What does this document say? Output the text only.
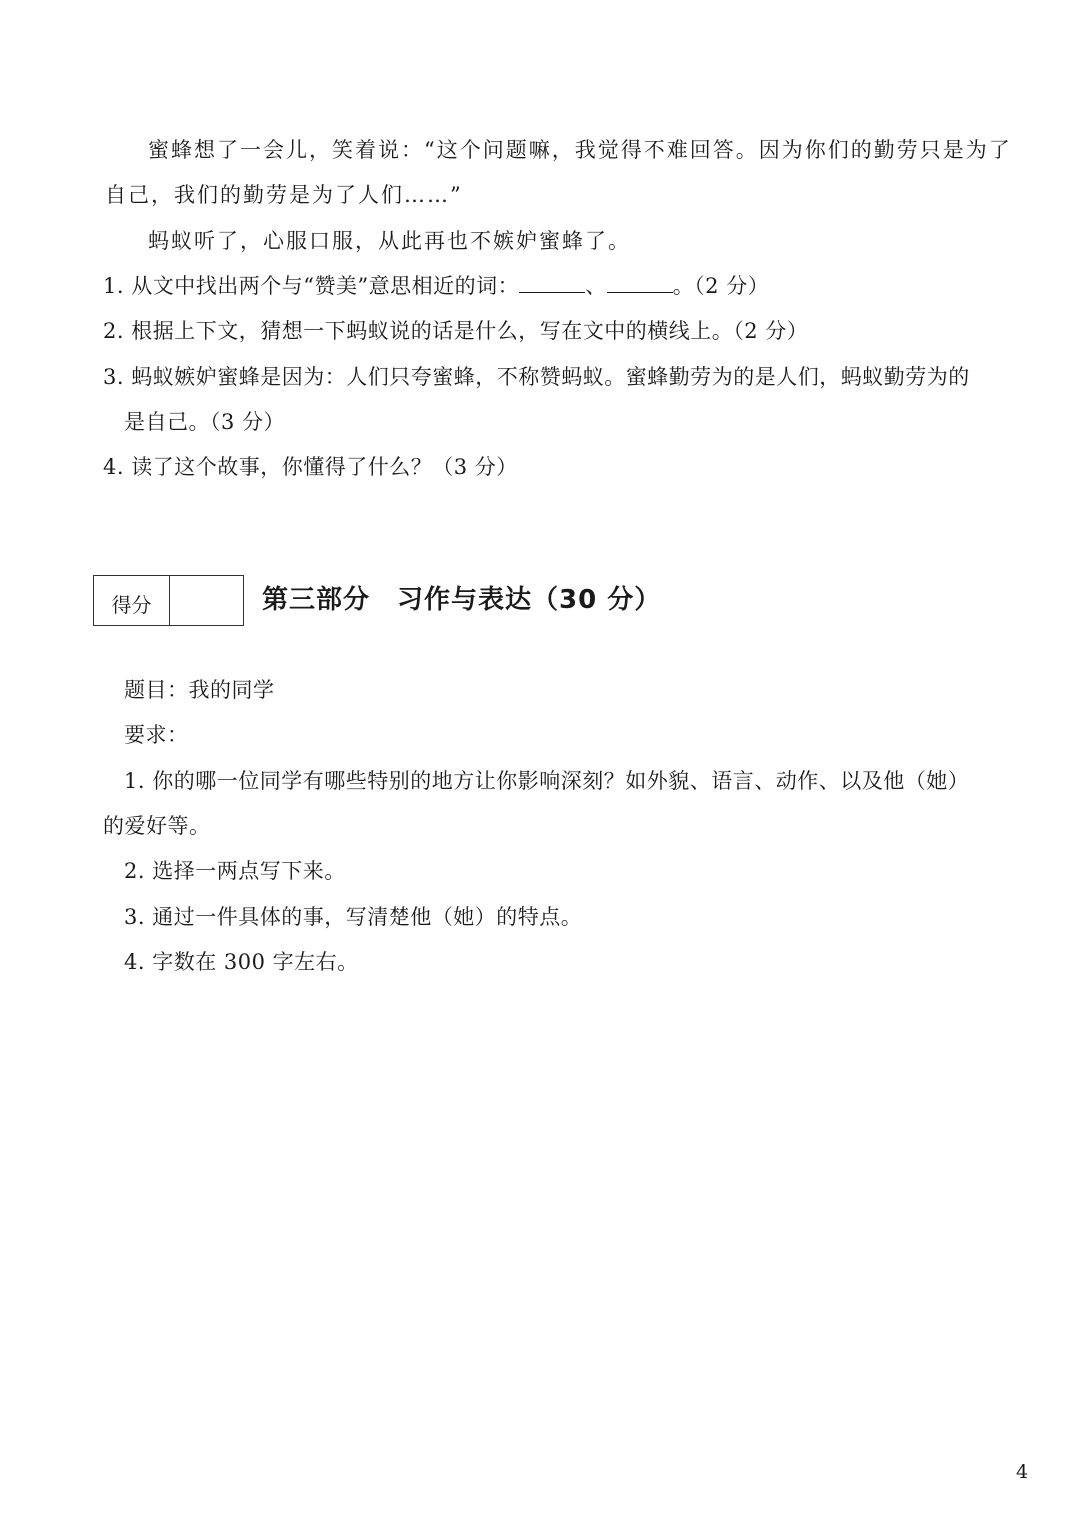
蜜蜂想了一会儿，笑着说：“这个问题嘛，我觉得不难回答。因为你们的勤劳只是为了
自己，我们的勤劳是为了人们……”
蚂蚁听了，心服口服，从此再也不嫉妒蜜蜂了。
1. 从文中找出两个与“赞美”意思相近的词：	、	。（2 分）
2. 根据上下文，猜想一下蚂蚁说的话是什么，写在文中的横线上。（2 分）
3. 蚂蚁嫉妒蜜蜂是因为：人们只夸蜜蜂，不称赞蚂蚁。蜜蜂勤劳为的是人们，蚂蚁勤劳为的
是自己。（3 分）
4. 读了这个故事，你懂得了什么？（3 分）
得分	第三部分　习作与表达（30 分）
题目：我的同学
要求：
1. 你的哪一位同学有哪些特别的地方让你影响深刻？如外貌、语言、动作、以及他（她）
的爱好等。
2. 选择一两点写下来。
3. 通过一件具体的事，写清楚他（她）的特点。
4. 字数在 300 字左右。
4
